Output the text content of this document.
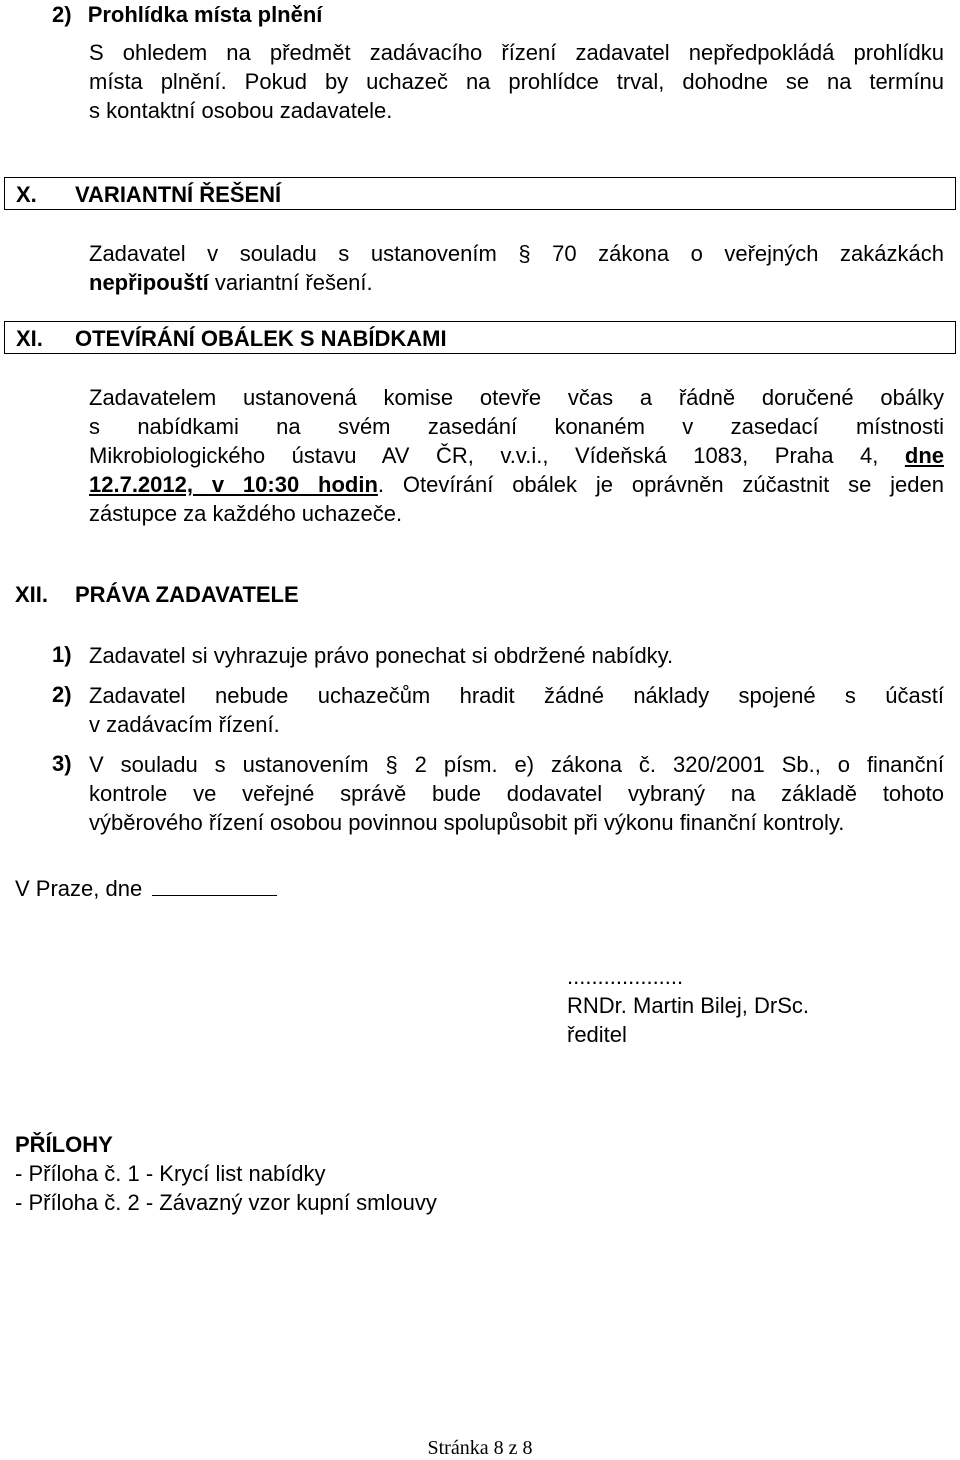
2) Prohlídka místa plnění
S ohledem na předmět zadávacího řízení zadavatel nepředpokládá prohlídku
místa plnění. Pokud by uchazeč na prohlídce trval, dohodne se na termínu
s kontaktní osobou zadavatele.
X. VARIANTNÍ ŘEŠENÍ
Zadavatel v souladu s ustanovením § 70 zákona o veřejných zakázkách
nepřipouští variantní řešení.
XI. OTEVÍRÁNÍ OBÁLEK S NABÍDKAMI
Zadavatelem ustanovená komise otevře včas a řádně doručené obálky
s nabídkami na svém zasedání konaném v zasedací místnosti
Mikrobiologického ústavu AV ČR, v.v.i., Vídeňská 1083, Praha 4, dne
12.7.2012, v 10:30 hodin. Otevírání obálek je oprávněn zúčastnit se jeden
zástupce za každého uchazeče.
XII. PRÁVA ZADAVATELE
1) Zadavatel si vyhrazuje právo ponechat si obdržené nabídky.
2) Zadavatel nebude uchazečům hradit žádné náklady spojené s účastí
v zadávacím řízení.
3) V souladu s ustanovením § 2 písm. e) zákona č. 320/2001 Sb., o finanční
kontrole ve veřejné správě bude dodavatel vybraný na základě tohoto
výběrového řízení osobou povinnou spolupůsobit při výkonu finanční kontroly.
V Praze, dne
...................
RNDr. Martin Bilej, DrSc.
ředitel
PŘÍLOHY
- Příloha č. 1 - Krycí list nabídky
- Příloha č. 2 - Závazný vzor kupní smlouvy
Stránka 8 z 8
